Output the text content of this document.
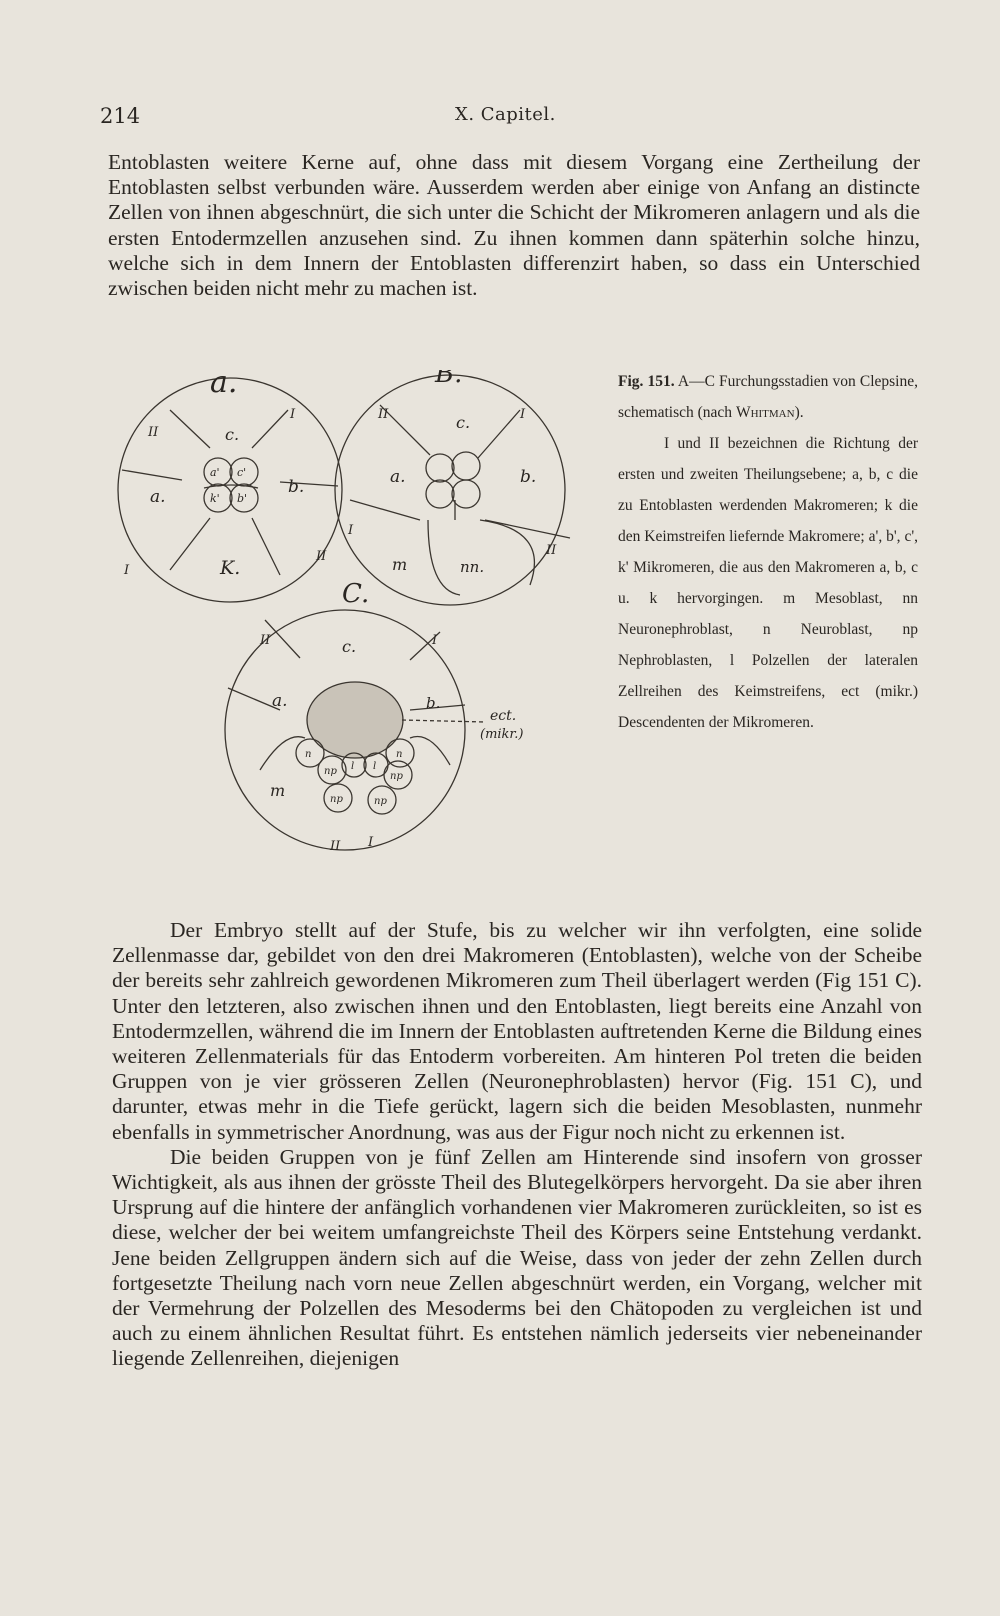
214	X. Capitel.

Entoblasten weitere Kerne auf, ohne dass mit diesem Vorgang eine Zertheilung der Entoblasten selbst verbunden wäre. Ausserdem werden aber einige von Anfang an distincte Zellen von ihnen abgeschnürt, die sich unter die Schicht der Mikromeren anlagern und als die ersten Entodermzellen anzusehen sind. Zu ihnen kommen dann späterhin solche hinzu, welche sich in dem Innern der Entoblasten differenzirt haben, so dass ein Unterschied zwischen beiden nicht mehr zu machen ist.

a.	B.
C.
c.
a.	b.
K.
a' c'
k' b'
II
I
I
II
c.
a.	b.
m	nn.
II	I
I
II
c.
a.	b.
m
ect.
(mikr.)
n
np l l
n
np
np	np
II	I
II I

Fig. 151. A—C Furchungsstadien von Clepsine, schematisch (nach Whitman).

I und II bezeichnen die Richtung der ersten und zweiten Theilungsebene; a, b, c die zu Entoblasten werdenden Makromeren; k die den Keimstreifen liefernde Makromere; a', b', c', k' Mikromeren, die aus den Makromeren a, b, c u. k hervorgingen. m Mesoblast, nn Neuronephroblast, n Neuroblast, np Nephroblasten, l Polzellen der lateralen Zellreihen des Keimstreifens, ect (mikr.) Descendenten der Mikromeren.

Der Embryo stellt auf der Stufe, bis zu welcher wir ihn verfolgten, eine solide Zellenmasse dar, gebildet von den drei Makromeren (Entoblasten), welche von der Scheibe der bereits sehr zahlreich gewordenen Mikromeren zum Theil überlagert werden (Fig 151 C). Unter den letzteren, also zwischen ihnen und den Entoblasten, liegt bereits eine Anzahl von Entodermzellen, während die im Innern der Entoblasten auftretenden Kerne die Bildung eines weiteren Zellenmaterials für das Entoderm vorbereiten. Am hinteren Pol treten die beiden Gruppen von je vier grösseren Zellen (Neuronephroblasten) hervor (Fig. 151 C), und darunter, etwas mehr in die Tiefe gerückt, lagern sich die beiden Mesoblasten, nunmehr ebenfalls in symmetrischer Anordnung, was aus der Figur noch nicht zu erkennen ist.

Die beiden Gruppen von je fünf Zellen am Hinterende sind insofern von grosser Wichtigkeit, als aus ihnen der grösste Theil des Blutegelkörpers hervorgeht. Da sie aber ihren Ursprung auf die hintere der anfänglich vorhandenen vier Makromeren zurückleiten, so ist es diese, welcher der bei weitem umfangreichste Theil des Körpers seine Entstehung verdankt. Jene beiden Zellgruppen ändern sich auf die Weise, dass von jeder der zehn Zellen durch fortgesetzte Theilung nach vorn neue Zellen abgeschnürt werden, ein Vorgang, welcher mit der Vermehrung der Polzellen des Mesoderms bei den Chätopoden zu vergleichen ist und auch zu einem ähnlichen Resultat führt. Es entstehen nämlich jederseits vier nebeneinander liegende Zellenreihen, diejenigen
